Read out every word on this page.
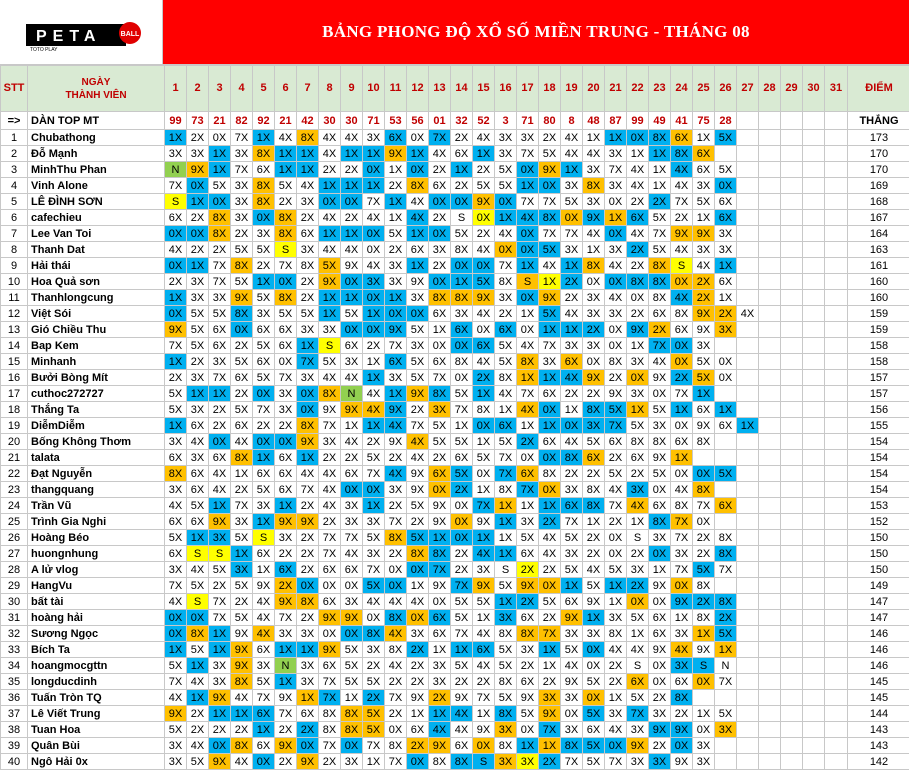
PETA	BALL
TOTO PLAY
BẢNG PHONG ĐỘ XỔ SỐ MIỀN TRUNG - THÁNG 08
STT	NGÀY
THÀNH VIÊN	1	2	3	4	5	6	7	8	9	10	11	12	13	14	15	16	17	18	19	20	21	22	23	24	25	26	27	28	29	30	31	ĐIỂM
=>	DÀN TOP MT	99	73	21	82	92	21	42	30	30	71	53	56	01	32	52	3	71	80	8	48	87	99	49	41	75	28						THẮNG
1	Chubathong	1X	2X	0X	7X	1X	4X	8X	4X	4X	3X	6X	0X	7X	2X	4X	3X	3X	2X	4X	1X	1X	0X	8X	6X	1X	5X						173
2	Đỗ Mạnh	3X	3X	1X	3X	8X	1X	1X	4X	1X	1X	9X	1X	4X	6X	1X	3X	7X	5X	4X	4X	3X	1X	1X	8X	6X							170
3	MinhThu Phan	N	9X	1X	7X	6X	1X	1X	2X	2X	0X	1X	0X	2X	1X	2X	5X	0X	9X	1X	3X	7X	4X	1X	4X	6X	5X						170
4	Vinh Alone	7X	0X	5X	3X	8X	5X	4X	1X	1X	1X	2X	8X	6X	2X	5X	5X	1X	0X	3X	8X	3X	4X	1X	4X	3X	0X						169
5	LÊ ĐÌNH SƠN	S	1X	0X	3X	8X	2X	3X	0X	0X	7X	1X	4X	0X	0X	9X	0X	7X	7X	5X	3X	0X	2X	2X	7X	5X	6X						168
6	cafechieu	6X	2X	8X	3X	0X	8X	2X	4X	2X	4X	1X	4X	2X	S	0X	1X	4X	8X	0X	9X	1X	6X	5X	2X	1X	6X						167
7	Lee Van Toi	0X	0X	8X	2X	3X	8X	6X	1X	1X	0X	5X	1X	0X	5X	2X	4X	0X	7X	7X	4X	0X	4X	7X	9X	9X	3X						164
8	Thanh Dat	4X	2X	2X	5X	5X	S	3X	4X	4X	0X	2X	6X	3X	8X	4X	0X	0X	5X	3X	1X	3X	2X	5X	4X	3X	3X						163
9	Hải thái	0X	1X	7X	8X	2X	7X	8X	5X	9X	4X	3X	1X	2X	0X	0X	7X	1X	4X	1X	8X	4X	2X	8X	S	4X	1X						161
10	Hoa Quả sơn	2X	3X	7X	5X	1X	0X	2X	9X	0X	3X	3X	9X	0X	1X	5X	8X	S	1X	2X	0X	0X	8X	8X	0X	2X	6X						160
11	Thanhlongcung	1X	3X	3X	9X	5X	8X	2X	1X	1X	0X	1X	3X	8X	8X	9X	3X	0X	9X	2X	3X	4X	0X	8X	4X	2X	1X						160
12	Việt Sói	0X	5X	5X	8X	3X	5X	5X	1X	5X	1X	0X	0X	6X	3X	4X	2X	1X	5X	4X	3X	3X	2X	6X	8X	9X	2X	4X					159
13	Gió Chiều Thu	9X	5X	6X	0X	6X	6X	3X	3X	0X	0X	9X	5X	1X	6X	0X	6X	0X	1X	1X	2X	0X	9X	2X	6X	9X	3X						159
14	Bap Kem	7X	5X	6X	2X	5X	6X	1X	S	6X	2X	7X	3X	0X	0X	6X	5X	4X	7X	3X	3X	0X	1X	7X	0X	3X							158
15	Minhanh	1X	2X	3X	5X	6X	0X	7X	5X	3X	1X	6X	5X	6X	8X	4X	5X	8X	3X	6X	0X	8X	3X	4X	0X	5X	0X						158
16	Bưởi Bòng Mít	2X	3X	7X	6X	5X	7X	3X	4X	4X	1X	3X	5X	7X	0X	2X	8X	1X	1X	4X	9X	2X	0X	9X	2X	5X	0X						157
17	cuthoc272727	5X	1X	1X	2X	0X	3X	0X	8X	N	4X	1X	9X	8X	5X	1X	4X	7X	6X	2X	2X	9X	3X	0X	7X	1X							157
18	Thắng Ta	5X	3X	2X	5X	7X	3X	0X	9X	9X	4X	9X	2X	3X	7X	8X	1X	4X	0X	1X	8X	5X	1X	5X	1X	6X	1X						156
19	DiễmDiễm	1X	6X	2X	6X	2X	2X	8X	7X	1X	1X	4X	7X	5X	1X	0X	6X	1X	1X	0X	3X	7X	5X	3X	0X	9X	6X	1X					155
20	Bống Không Thơm	3X	4X	0X	4X	0X	0X	9X	3X	4X	2X	9X	4X	5X	5X	1X	5X	2X	6X	4X	5X	6X	8X	8X	6X	8X							154
21	talata	6X	3X	6X	8X	1X	6X	1X	2X	2X	5X	2X	4X	2X	6X	5X	7X	0X	0X	8X	6X	2X	6X	9X	1X								154
22	Đạt Nguyễn	8X	6X	4X	1X	6X	6X	4X	4X	6X	7X	4X	9X	6X	5X	0X	7X	6X	8X	2X	2X	5X	2X	5X	0X	0X	5X						154
23	thangquang	3X	6X	4X	2X	5X	6X	7X	4X	0X	0X	3X	9X	0X	2X	1X	8X	7X	0X	3X	8X	4X	3X	0X	4X	8X							154
24	Trần Vũ	4X	5X	1X	7X	3X	1X	2X	4X	3X	1X	2X	5X	9X	0X	7X	1X	1X	1X	6X	8X	7X	4X	6X	8X	7X	6X						153
25	Trình Gia Nghi	6X	6X	9X	3X	1X	9X	9X	2X	3X	3X	7X	2X	9X	0X	9X	1X	3X	2X	7X	1X	2X	1X	8X	7X	0X							152
26	Hoàng Béo	5X	1X	3X	5X	S	3X	2X	7X	7X	5X	8X	5X	1X	0X	1X	1X	5X	4X	5X	2X	0X	S	3X	7X	2X	8X						150
27	huongnhung	6X	S	S	1X	6X	2X	2X	7X	4X	3X	2X	8X	8X	2X	4X	1X	6X	4X	3X	2X	0X	2X	0X	3X	2X	8X						150
28	A lử vlog	3X	4X	5X	3X	1X	6X	2X	6X	6X	7X	0X	0X	7X	2X	3X	S	2X	2X	5X	4X	5X	3X	1X	7X	5X	7X						150
29	HangVu	7X	5X	2X	5X	9X	2X	0X	0X	0X	5X	0X	1X	9X	7X	9X	5X	9X	0X	1X	5X	1X	2X	9X	0X	8X							149
30	bất tài	4X	S	7X	2X	4X	9X	8X	6X	3X	4X	4X	4X	0X	5X	5X	1X	2X	5X	6X	9X	1X	0X	0X	9X	2X	8X						147
31	hoàng hải	0X	0X	7X	5X	4X	7X	2X	9X	9X	0X	8X	0X	6X	5X	1X	3X	6X	2X	9X	1X	3X	5X	6X	1X	8X	2X						147
32	Sương Ngọc	0X	8X	1X	9X	4X	3X	3X	0X	0X	8X	4X	3X	6X	7X	4X	8X	8X	7X	3X	3X	8X	1X	6X	3X	1X	5X						146
33	Bích Ta	1X	5X	1X	9X	6X	1X	1X	9X	5X	3X	8X	2X	1X	1X	6X	5X	3X	1X	5X	0X	4X	4X	9X	4X	9X	1X						146
34	hoangmocgttn	5X	1X	3X	9X	3X	N	3X	6X	5X	2X	4X	2X	3X	5X	4X	5X	2X	1X	4X	0X	2X	S	0X	3X	S	N						146
35	longducdinh	7X	4X	3X	8X	5X	1X	3X	7X	5X	5X	2X	2X	3X	2X	2X	8X	6X	2X	9X	5X	2X	6X	0X	6X	0X	7X						145
36	Tuấn Tròn TQ	4X	1X	9X	4X	7X	9X	1X	7X	1X	2X	7X	9X	2X	9X	7X	5X	9X	3X	3X	0X	1X	5X	2X	8X								145
37	Lê Viết Trung	9X	2X	1X	1X	6X	7X	6X	8X	8X	5X	2X	1X	1X	4X	1X	8X	5X	9X	0X	5X	3X	7X	3X	2X	1X	5X						144
38	Tuan Hoa	5X	2X	2X	2X	1X	2X	2X	8X	8X	5X	0X	6X	4X	4X	9X	3X	0X	7X	3X	6X	4X	3X	9X	9X	0X	3X						143
39	Quân Bùi	3X	4X	0X	8X	6X	9X	0X	7X	0X	7X	8X	2X	9X	6X	0X	8X	1X	1X	8X	5X	0X	9X	2X	0X	3X							143
40	Ngô Hải 0x	3X	5X	9X	4X	0X	2X	9X	2X	3X	1X	7X	0X	8X	8X	S	3X	3X	2X	7X	5X	7X	3X	3X	9X	3X							142
